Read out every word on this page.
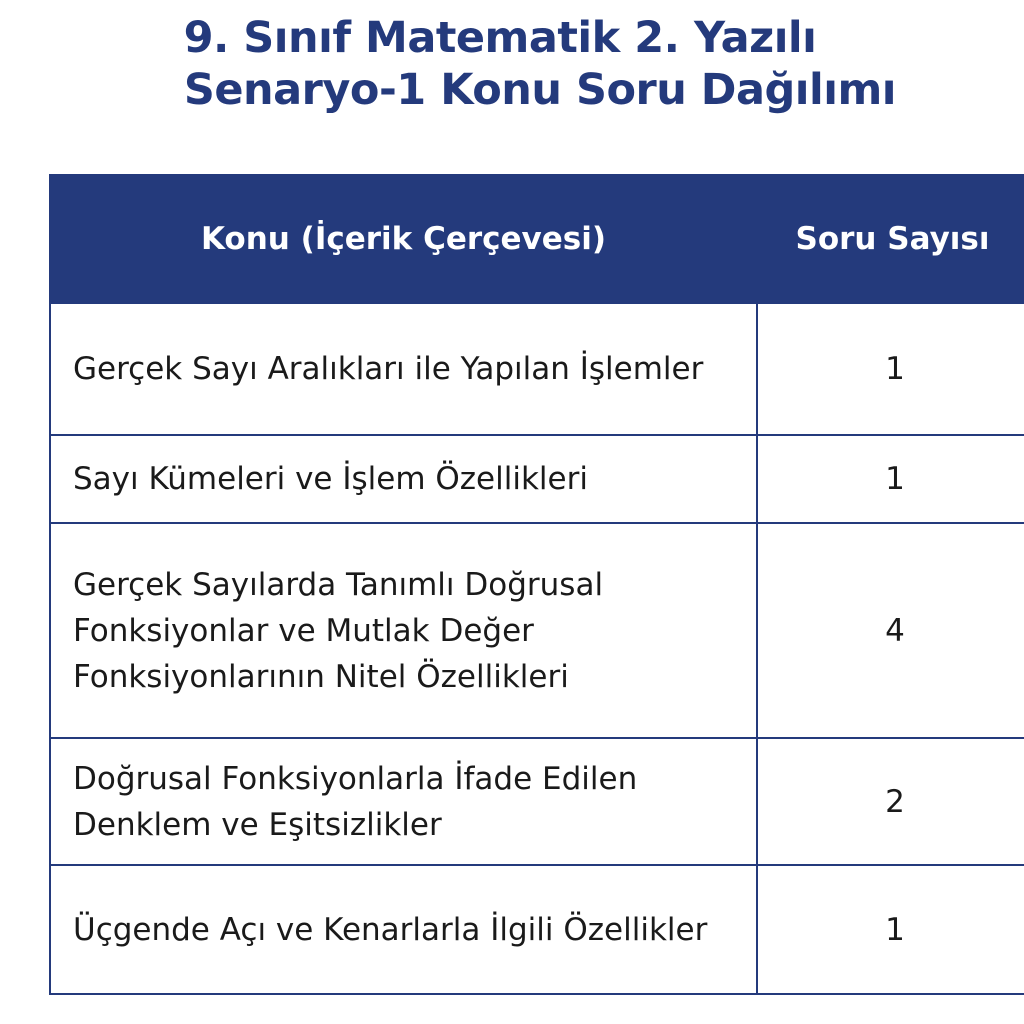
9. Sınıf Matematik 2. Yazılı
Senaryo-1 Konu Soru Dağılımı
Konu (İçerik Çerçevesi)	Soru Sayısı
Gerçek Sayı Aralıkları ile Yapılan İşlemler	1
Sayı Kümeleri ve İşlem Özellikleri	1
Gerçek Sayılarda Tanımlı Doğrusal Fonksiyonlar ve Mutlak Değer Fonksiyonlarının Nitel Özellikleri	4
Doğrusal Fonksiyonlarla İfade Edilen Denklem ve Eşitsizlikler	2
Üçgende Açı ve Kenarlarla İlgili Özellikler	1
